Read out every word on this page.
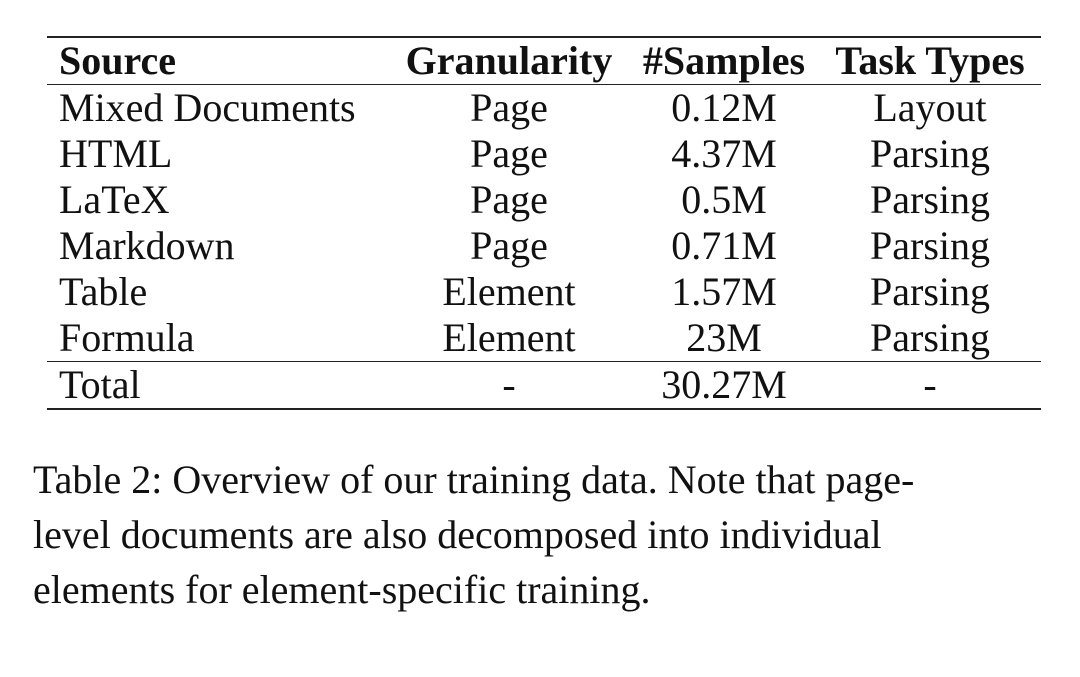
Source	Granularity	#Samples	Task Types
Mixed Documents	Page	0.12M	Layout
HTML	Page	4.37M	Parsing
LaTeX	Page	0.5M	Parsing
Markdown	Page	0.71M	Parsing
Table	Element	1.57M	Parsing
Formula	Element	23M	Parsing
Total	-	30.27M	-
Table 2: Overview of our training data. Note that page-
level documents are also decomposed into individual
elements for element-specific training.
